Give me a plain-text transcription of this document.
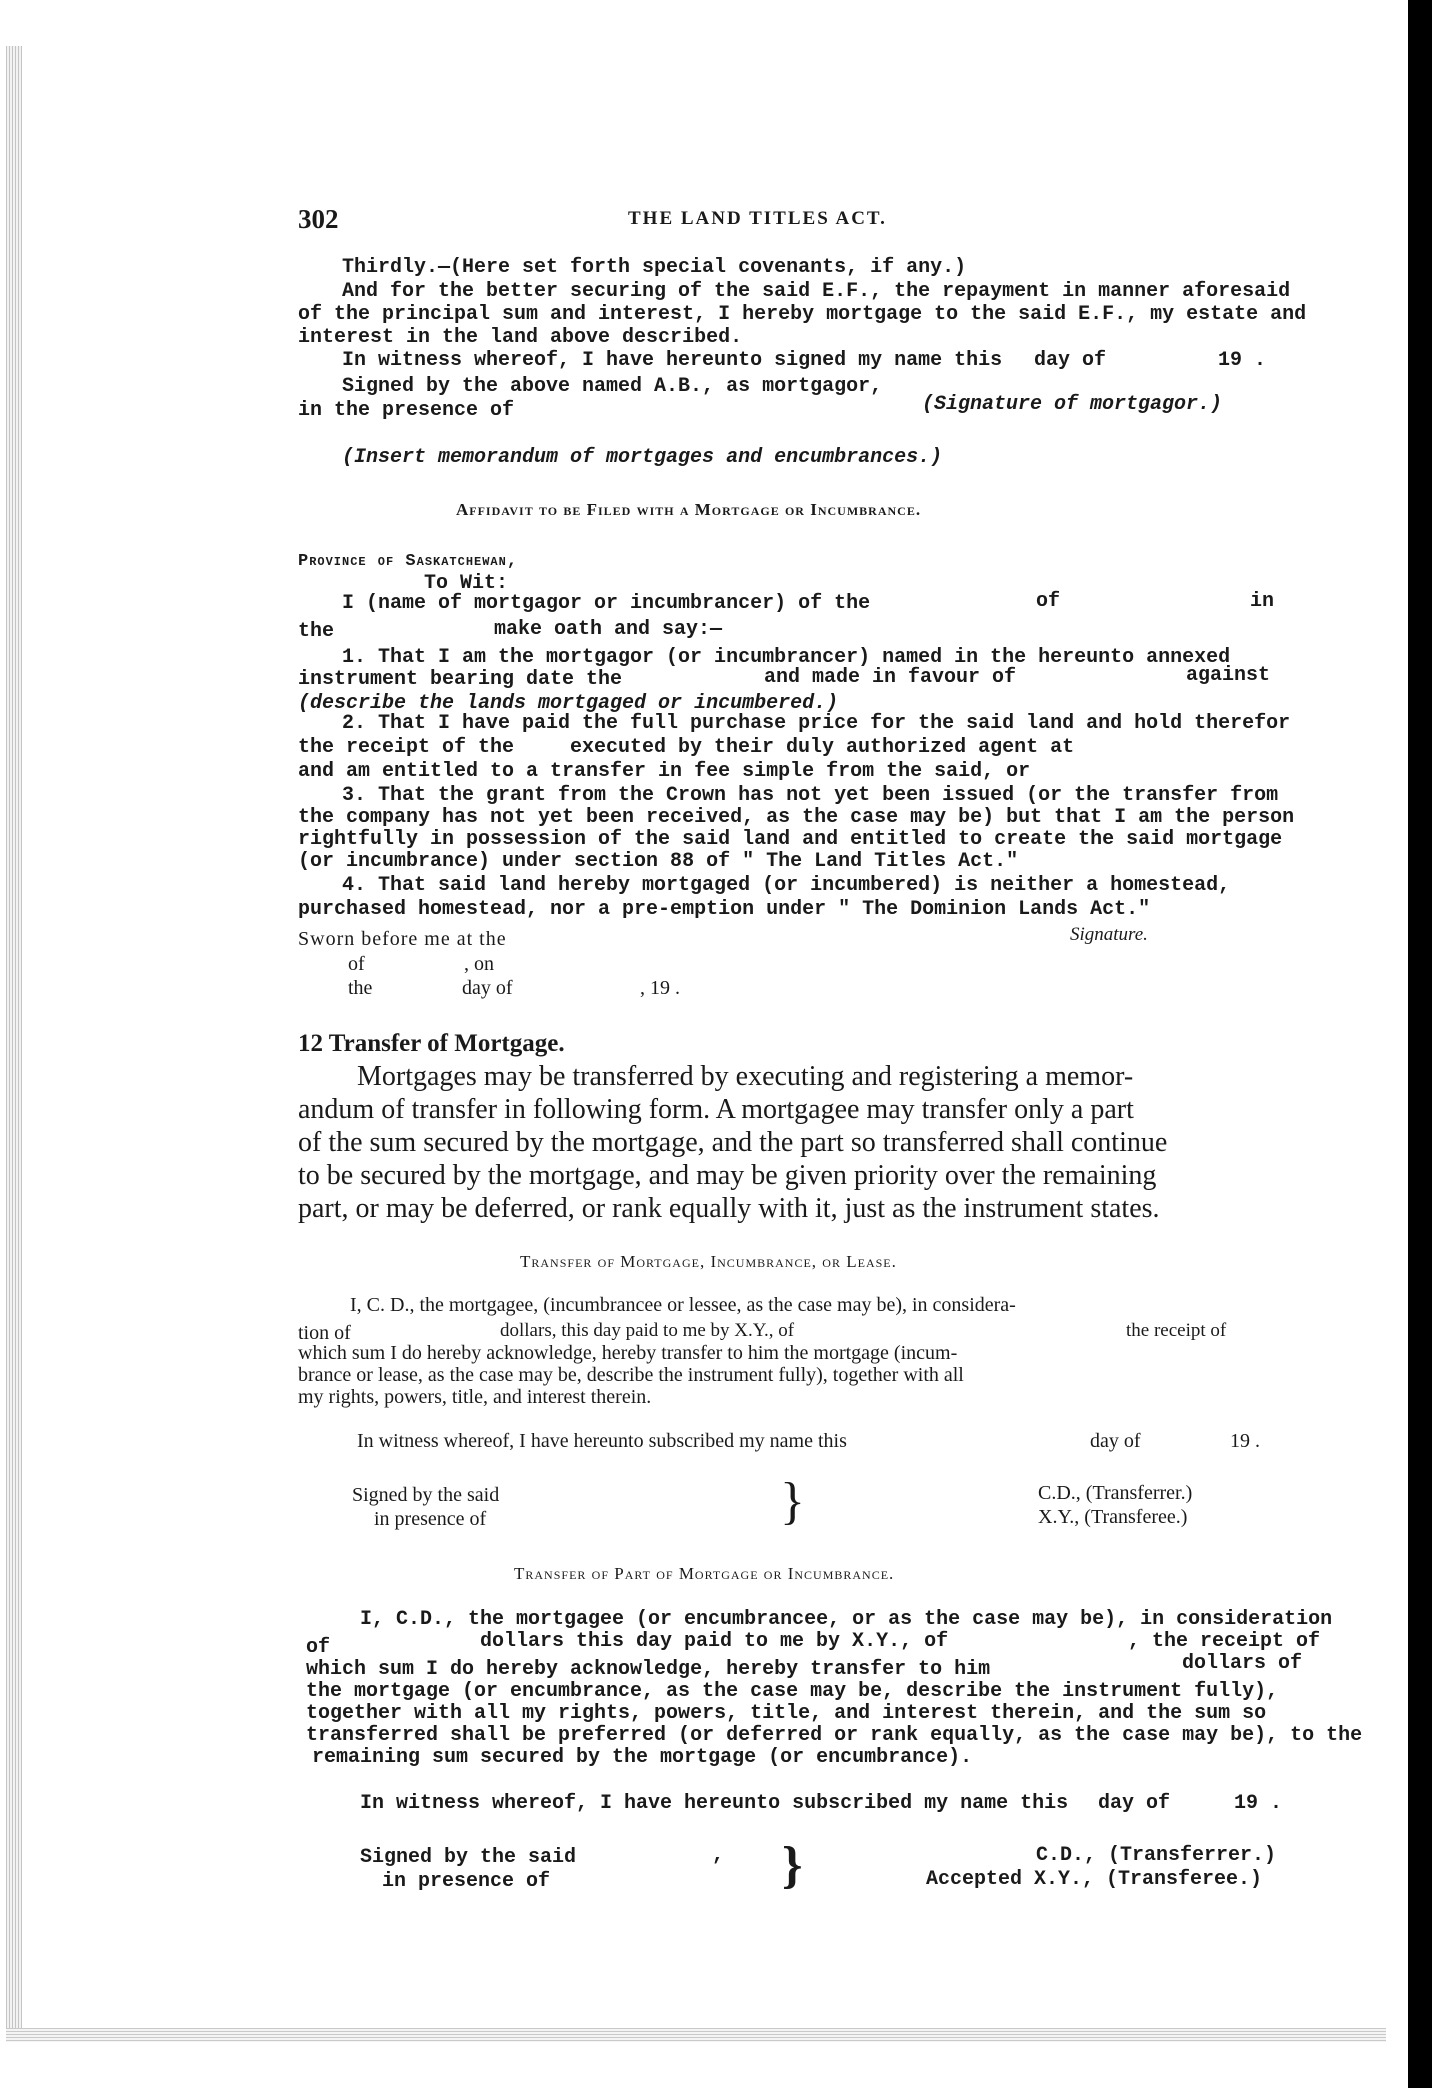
302	THE LAND TITLES ACT.
Thirdly.—(Here set forth special covenants, if any.)
And for the better securing of the said E.F., the repayment in manner aforesaid
of the principal sum and interest, I hereby mortgage to the said E.F., my estate and
interest in the land above described.
In witness whereof, I have hereunto signed my name this day of	19 .
Signed by the above named A.B., as mortgagor,
in the presence of	(Signature of mortgagor.)
(Insert memorandum of mortgages and encumbrances.)
Affidavit to be Filed with a Mortgage or Incumbrance.
Province of Saskatchewan,
To Wit:
I (name of mortgagor or incumbrancer) of the	of	in
the	make oath and say:—
1. That I am the mortgagor (or incumbrancer) named in the hereunto annexed
instrument bearing date the	and made in favour of	against
(describe the lands mortgaged or incumbered.)
2. That I have paid the full purchase price for the said land and hold therefor
the receipt of the	executed by their duly authorized agent at
and am entitled to a transfer in fee simple from the said, or
3. That the grant from the Crown has not yet been issued (or the transfer from
the company has not yet been received, as the case may be) but that I am the person
rightfully in possession of the said land and entitled to create the said mortgage
(or incumbrance) under section 88 of " The Land Titles Act."
4. That said land hereby mortgaged (or incumbered) is neither a homestead,
purchased homestead, nor a pre-emption under " The Dominion Lands Act."
Sworn before me at the	Signature.
of	, on
the	day of	, 19 .
12 Transfer of Mortgage.
Mortgages may be transferred by executing and registering a memor-
andum of transfer in following form. A mortgagee may transfer only a part
of the sum secured by the mortgage, and the part so transferred shall continue
to be secured by the mortgage, and may be given priority over the remaining
part, or may be deferred, or rank equally with it, just as the instrument states.
Transfer of Mortgage, Incumbrance, or Lease.
I, C. D., the mortgagee, (incumbrancee or lessee, as the case may be), in considera-
tion of	dollars, this day paid to me by X.Y., of	the receipt of
which sum I do hereby acknowledge, hereby transfer to him the mortgage (incum-
brance or lease, as the case may be, describe the instrument fully), together with all
my rights, powers, title, and interest therein.
In witness whereof, I have hereunto subscribed my name this	day of	19 .
Signed by the said
in presence of	}	C.D., (Transferrer.)
X.Y., (Transferee.)
Transfer of Part of Mortgage or Incumbrance.
I, C.D., the mortgagee (or encumbrancee, or as the case may be), in consideration
of	dollars this day paid to me by X.Y., of	, the receipt of
which sum I do hereby acknowledge, hereby transfer to him	dollars of
the mortgage (or encumbrance, as the case may be, describe the instrument fully),
together with all my rights, powers, title, and interest therein, and the sum so
transferred shall be preferred (or deferred or rank equally, as the case may be), to the
remaining sum secured by the mortgage (or encumbrance).
In witness whereof, I have hereunto subscribed my name this day of	19 .
Signed by the said	,
in presence of	}	C.D., (Transferrer.)
Accepted X.Y., (Transferee.)
